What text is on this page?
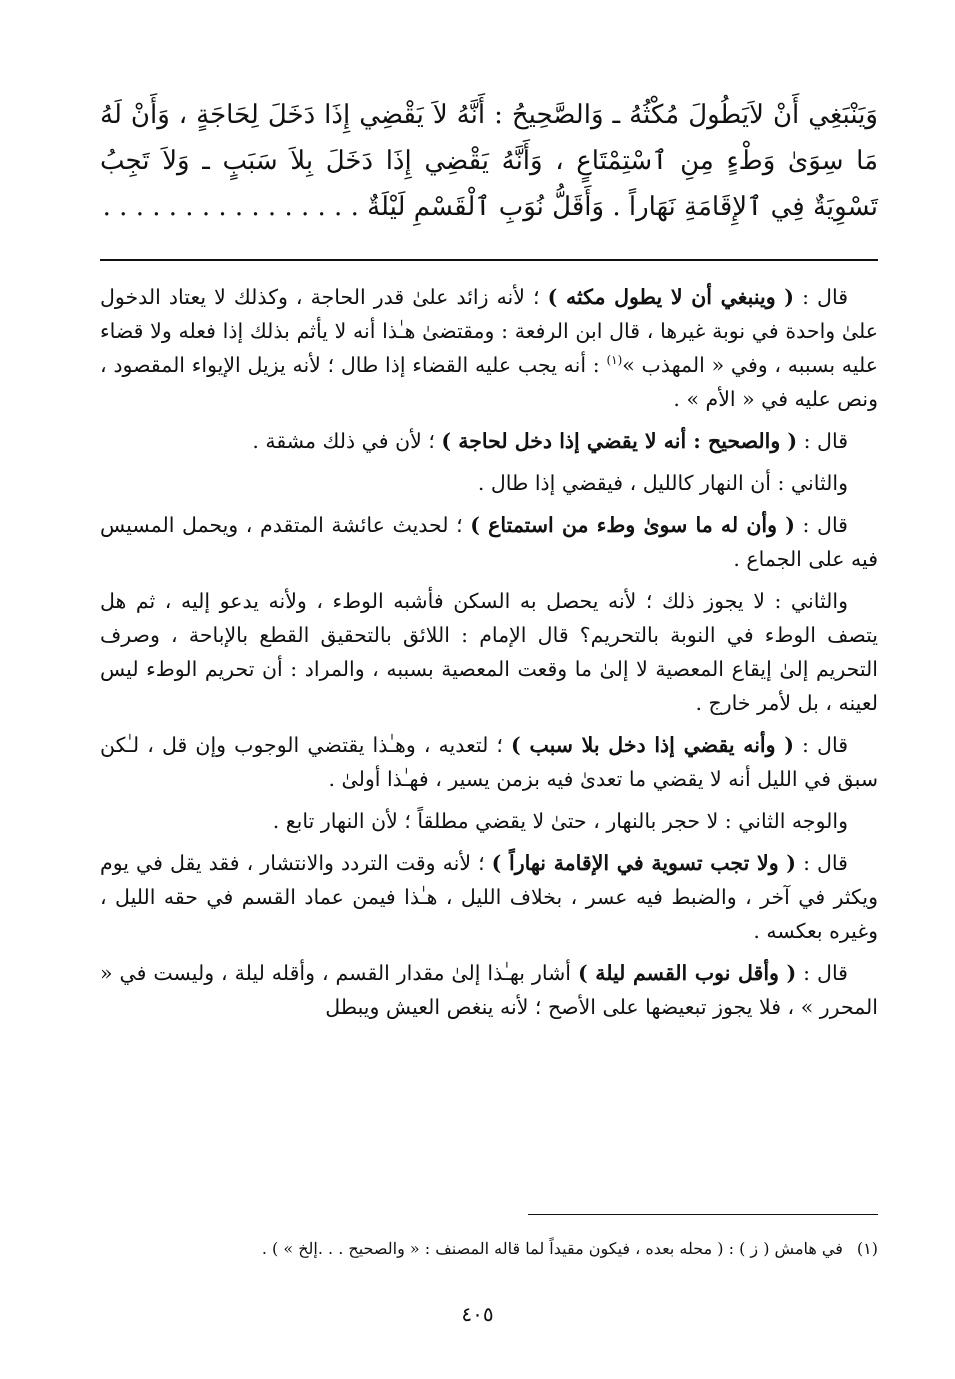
وَيَنْبَغِي أَنْ لاَيَطُولَ مُكْثُهُ ـ وَالصَّحِيحُ : أَنَّهُ لاَ يَقْضِي إِذَا دَخَلَ لِحَاجَةٍ ، وَأَنْ لَهُ مَا سِوَىٰ وَطْءٍ مِنِ ٱسْتِمْتَاعٍ ، وَأَنَّهُ يَقْضِي إِذَا دَخَلَ بِلاَ سَبَبٍ ـ وَلاَ تَجِبُ تَسْوِيَةٌ فِي ٱلإِقَامَةِ نَهَاراً . وَأَقَلُّ نُوَبِ ٱلْقَسْمِ لَيْلَةٌ . . . . . . . . . . . . . . . .

قال : ( وينبغي أن لا يطول مكثه ) ؛ لأنه زائد علىٰ قدر الحاجة ، وكذلك لا يعتاد الدخول علىٰ واحدة في نوبة غيرها ، قال ابن الرفعة : ومقتضىٰ هـٰذا أنه لا يأثم بذلك إذا فعله ولا قضاء عليه بسببه ، وفي « المهذب »$^{(١)}$ : أنه يجب عليه القضاء إذا طال ؛ لأنه يزيل الإيواء المقصود ، ونص عليه في « الأم » .

قال : ( والصحيح : أنه لا يقضي إذا دخل لحاجة ) ؛ لأن في ذلك مشقة .

والثاني : أن النهار كالليل ، فيقضي إذا طال .

قال : ( وأن له ما سوىٰ وطء من استمتاع ) ؛ لحديث عائشة المتقدم ، ويحمل المسيس فيه على الجماع .

والثاني : لا يجوز ذلك ؛ لأنه يحصل به السكن فأشبه الوطء ، ولأنه يدعو إليه ، ثم هل يتصف الوطء في النوبة بالتحريم؟ قال الإمام : اللائق بالتحقيق القطع بالإباحة ، وصرف التحريم إلىٰ إيقاع المعصية لا إلىٰ ما وقعت المعصية بسببه ، والمراد : أن تحريم الوطء ليس لعينه ، بل لأمر خارج .

قال : ( وأنه يقضي إذا دخل بلا سبب ) ؛ لتعديه ، وهـٰذا يقتضي الوجوب وإن قل ، لـٰكن سبق في الليل أنه لا يقضي ما تعدىٰ فيه بزمن يسير ، فهـٰذا أولىٰ .

والوجه الثاني : لا حجر بالنهار ، حتىٰ لا يقضي مطلقاً ؛ لأن النهار تابع .

قال : ( ولا تجب تسوية في الإقامة نهاراً ) ؛ لأنه وقت التردد والانتشار ، فقد يقل في يوم ويكثر في آخر ، والضبط فيه عسر ، بخلاف الليل ، هـٰذا فيمن عماد القسم في حقه الليل ، وغيره بعكسه .

قال : ( وأقل نوب القسم ليلة ) أشار بهـٰذا إلىٰ مقدار القسم ، وأقله ليلة ، وليست في « المحرر » ، فلا يجوز تبعيضها على الأصح ؛ لأنه ينغص العيش ويبطل

(١)في هامش ( ز ) : ( محله بعده ، فيكون مقيداً لما قاله المصنف : « والصحيح . . .إلخ » ) .
٤٠٥
